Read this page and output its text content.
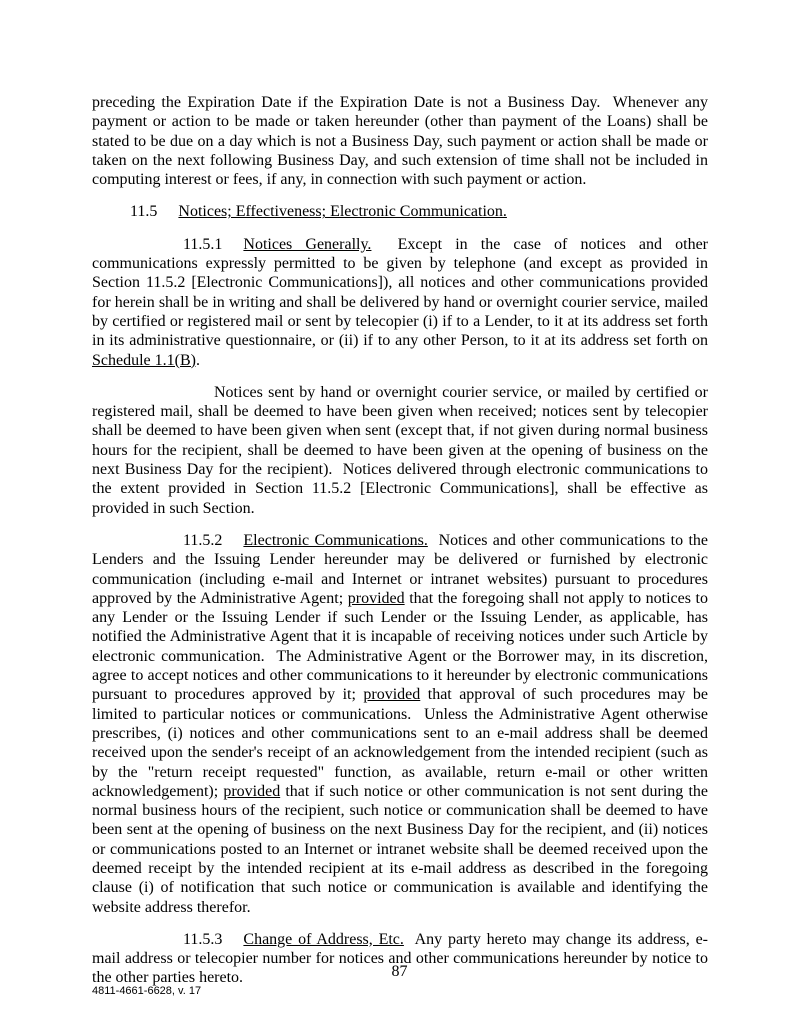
preceding the Expiration Date if the Expiration Date is not a Business Day.  Whenever any payment or action to be made or taken hereunder (other than payment of the Loans) shall be stated to be due on a day which is not a Business Day, such payment or action shall be made or taken on the next following Business Day, and such extension of time shall not be included in computing interest or fees, if any, in connection with such payment or action.

11.5 Notices; Effectiveness; Electronic Communication.

11.5.1 Notices Generally.  Except in the case of notices and other communications expressly permitted to be given by telephone (and except as provided in Section 11.5.2 [Electronic Communications]), all notices and other communications provided for herein shall be in writing and shall be delivered by hand or overnight courier service, mailed by certified or registered mail or sent by telecopier (i) if to a Lender, to it at its address set forth in its administrative questionnaire, or (ii) if to any other Person, to it at its address set forth on Schedule 1.1(B).

Notices sent by hand or overnight courier service, or mailed by certified or registered mail, shall be deemed to have been given when received; notices sent by telecopier shall be deemed to have been given when sent (except that, if not given during normal business hours for the recipient, shall be deemed to have been given at the opening of business on the next Business Day for the recipient).  Notices delivered through electronic communications to the extent provided in Section 11.5.2 [Electronic Communications], shall be effective as provided in such Section.

11.5.2 Electronic Communications.  Notices and other communications to the Lenders and the Issuing Lender hereunder may be delivered or furnished by electronic communication (including e-mail and Internet or intranet websites) pursuant to procedures approved by the Administrative Agent; provided that the foregoing shall not apply to notices to any Lender or the Issuing Lender if such Lender or the Issuing Lender, as applicable, has notified the Administrative Agent that it is incapable of receiving notices under such Article by electronic communication.  The Administrative Agent or the Borrower may, in its discretion, agree to accept notices and other communications to it hereunder by electronic communications pursuant to procedures approved by it; provided that approval of such procedures may be limited to particular notices or communications.  Unless the Administrative Agent otherwise prescribes, (i) notices and other communications sent to an e-mail address shall be deemed received upon the sender's receipt of an acknowledgement from the intended recipient (such as by the "return receipt requested" function, as available, return e-mail or other written acknowledgement); provided that if such notice or other communication is not sent during the normal business hours of the recipient, such notice or communication shall be deemed to have been sent at the opening of business on the next Business Day for the recipient, and (ii) notices or communications posted to an Internet or intranet website shall be deemed received upon the deemed receipt by the intended recipient at its e-mail address as described in the foregoing clause (i) of notification that such notice or communication is available and identifying the website address therefor.

11.5.3 Change of Address, Etc.  Any party hereto may change its address, e-mail address or telecopier number for notices and other communications hereunder by notice to the other parties hereto.	87
4811-4661-6628, v. 17
